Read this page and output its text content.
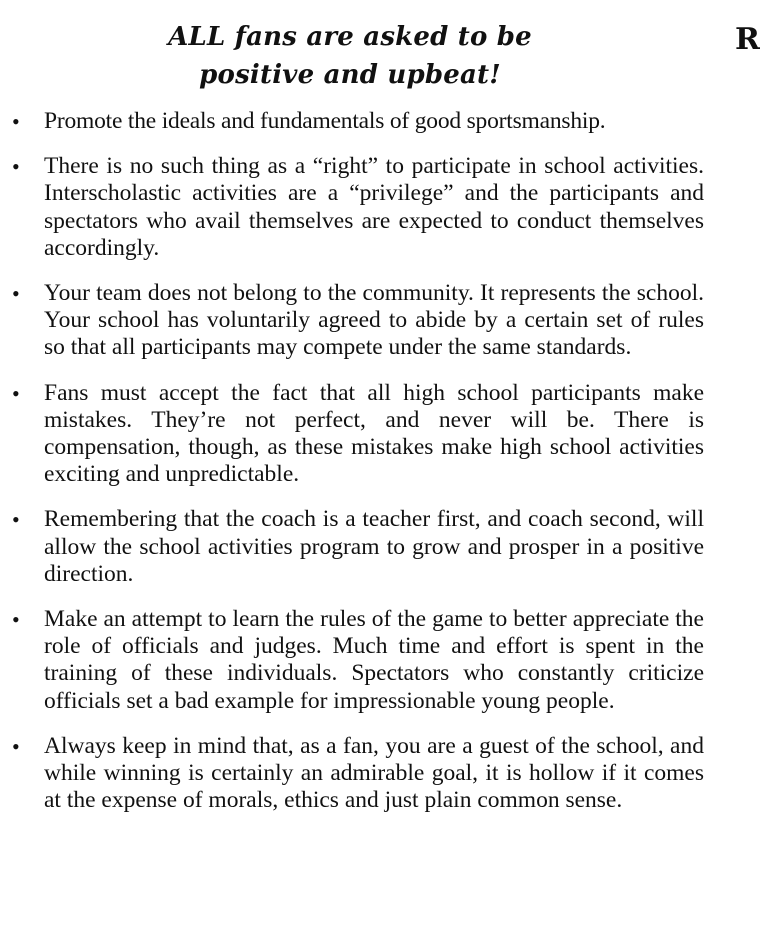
ALL fans are asked to be
positive and upbeat!
R
• Promote the ideals and fundamentals of good sportsmanship.
• There is no such thing as a “right” to participate in school activities. Interscholastic activities are a “privilege” and the participants and spectators who avail themselves are expected to conduct themselves accordingly.
• Your team does not belong to the community. It represents the school. Your school has voluntarily agreed to abide by a certain set of rules so that all participants may compete under the same standards.
• Fans must accept the fact that all high school participants make mistakes. They’re not perfect, and never will be. There is compensation, though, as these mistakes make high school activities exciting and unpredictable.
• Remembering that the coach is a teacher first, and coach second, will allow the school activities program to grow and prosper in a positive direction.
• Make an attempt to learn the rules of the game to better appreciate the role of officials and judges. Much time and effort is spent in the training of these individuals. Spectators who constantly criticize officials set a bad example for impressionable young people.
• Always keep in mind that, as a fan, you are a guest of the school, and while winning is certainly an admirable goal, it is hollow if it comes at the expense of morals, ethics and just plain common sense.
